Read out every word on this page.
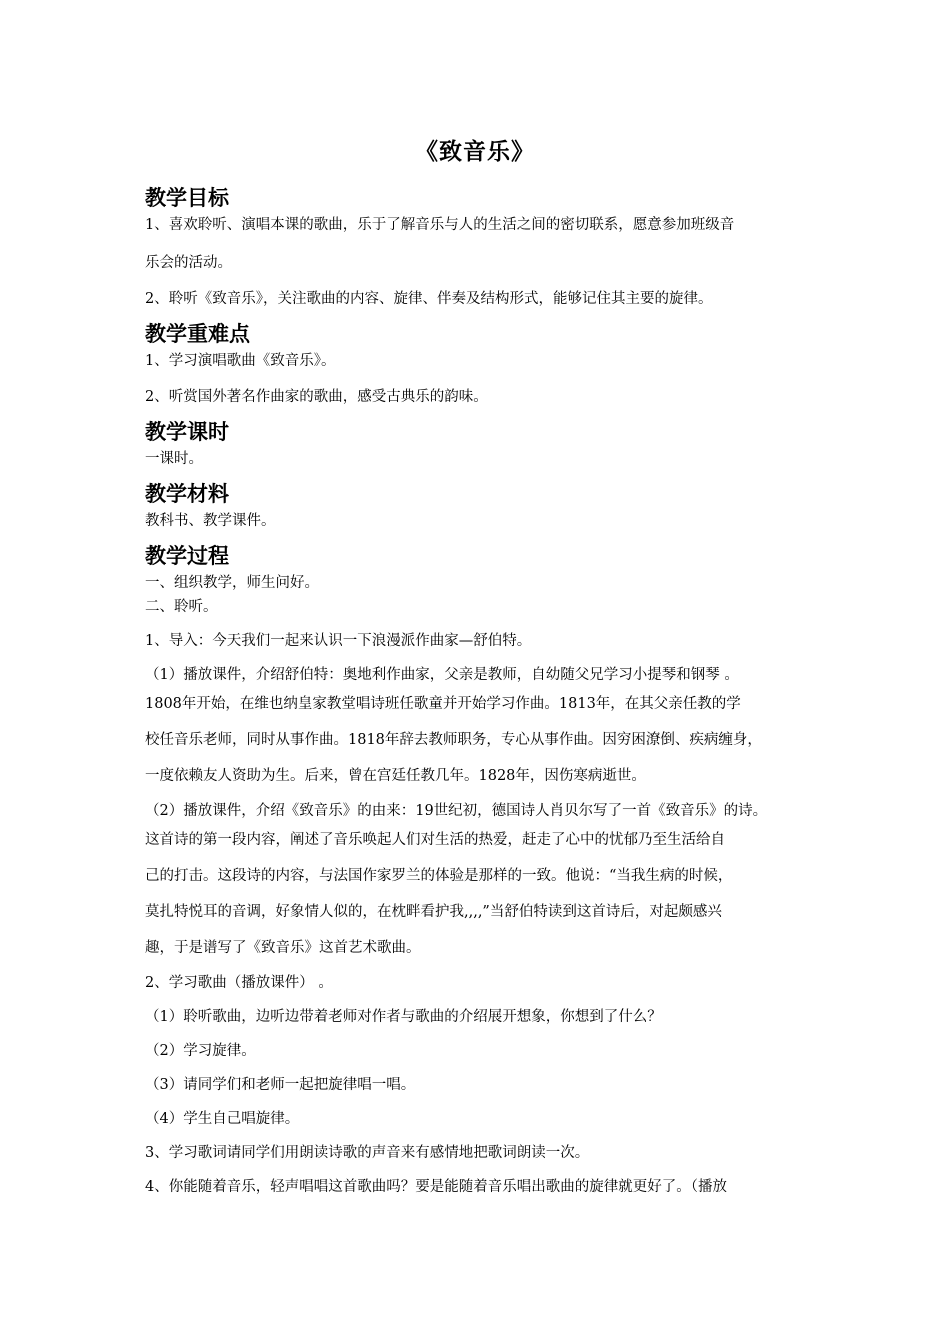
《致音乐》
教学目标
1、喜欢聆听、演唱本课的歌曲，乐于了解音乐与人的生活之间的密切联系，愿意参加班级音
乐会的活动。
2、聆听《致音乐》，关注歌曲的内容、旋律、伴奏及结构形式，能够记住其主要的旋律。
教学重难点
1、学习演唱歌曲《致音乐》。
2、听赏国外著名作曲家的歌曲，感受古典乐的韵味。
教学课时
一课时。
教学材料
教科书、教学课件。
教学过程
一、组织教学，师生问好。
二、聆听。
1、导入：今天我们一起来认识一下浪漫派作曲家—舒伯特。
（1）播放课件，介绍舒伯特：奥地利作曲家，父亲是教师，自幼随父兄学习小提琴和钢琴 。
1808年开始，在维也纳皇家教堂唱诗班任歌童并开始学习作曲。1813年，在其父亲任教的学
校任音乐老师，同时从事作曲。1818年辞去教师职务，专心从事作曲。因穷困潦倒、疾病缠身，
一度依赖友人资助为生。后来，曾在宫廷任教几年。1828年，因伤寒病逝世。
（2）播放课件，介绍《致音乐》的由来：19世纪初，德国诗人肖贝尔写了一首《致音乐》的诗。
这首诗的第一段内容，阐述了音乐唤起人们对生活的热爱，赶走了心中的忧郁乃至生活给自
己的打击。这段诗的内容，与法国作家罗兰的体验是那样的一致。他说：“当我生病的时候，
莫扎特悦耳的音调，好象情人似的，在枕畔看护我,,,,”当舒伯特读到这首诗后，对起颇感兴
趣，于是谱写了《致音乐》这首艺术歌曲。
2、学习歌曲（播放课件） 。
（1）聆听歌曲，边听边带着老师对作者与歌曲的介绍展开想象，你想到了什么？
（2）学习旋律。
（3）请同学们和老师一起把旋律唱一唱。
（4）学生自己唱旋律。
3、学习歌词请同学们用朗读诗歌的声音来有感情地把歌词朗读一次。
4、你能随着音乐，轻声唱唱这首歌曲吗？要是能随着音乐唱出歌曲的旋律就更好了。（播放
